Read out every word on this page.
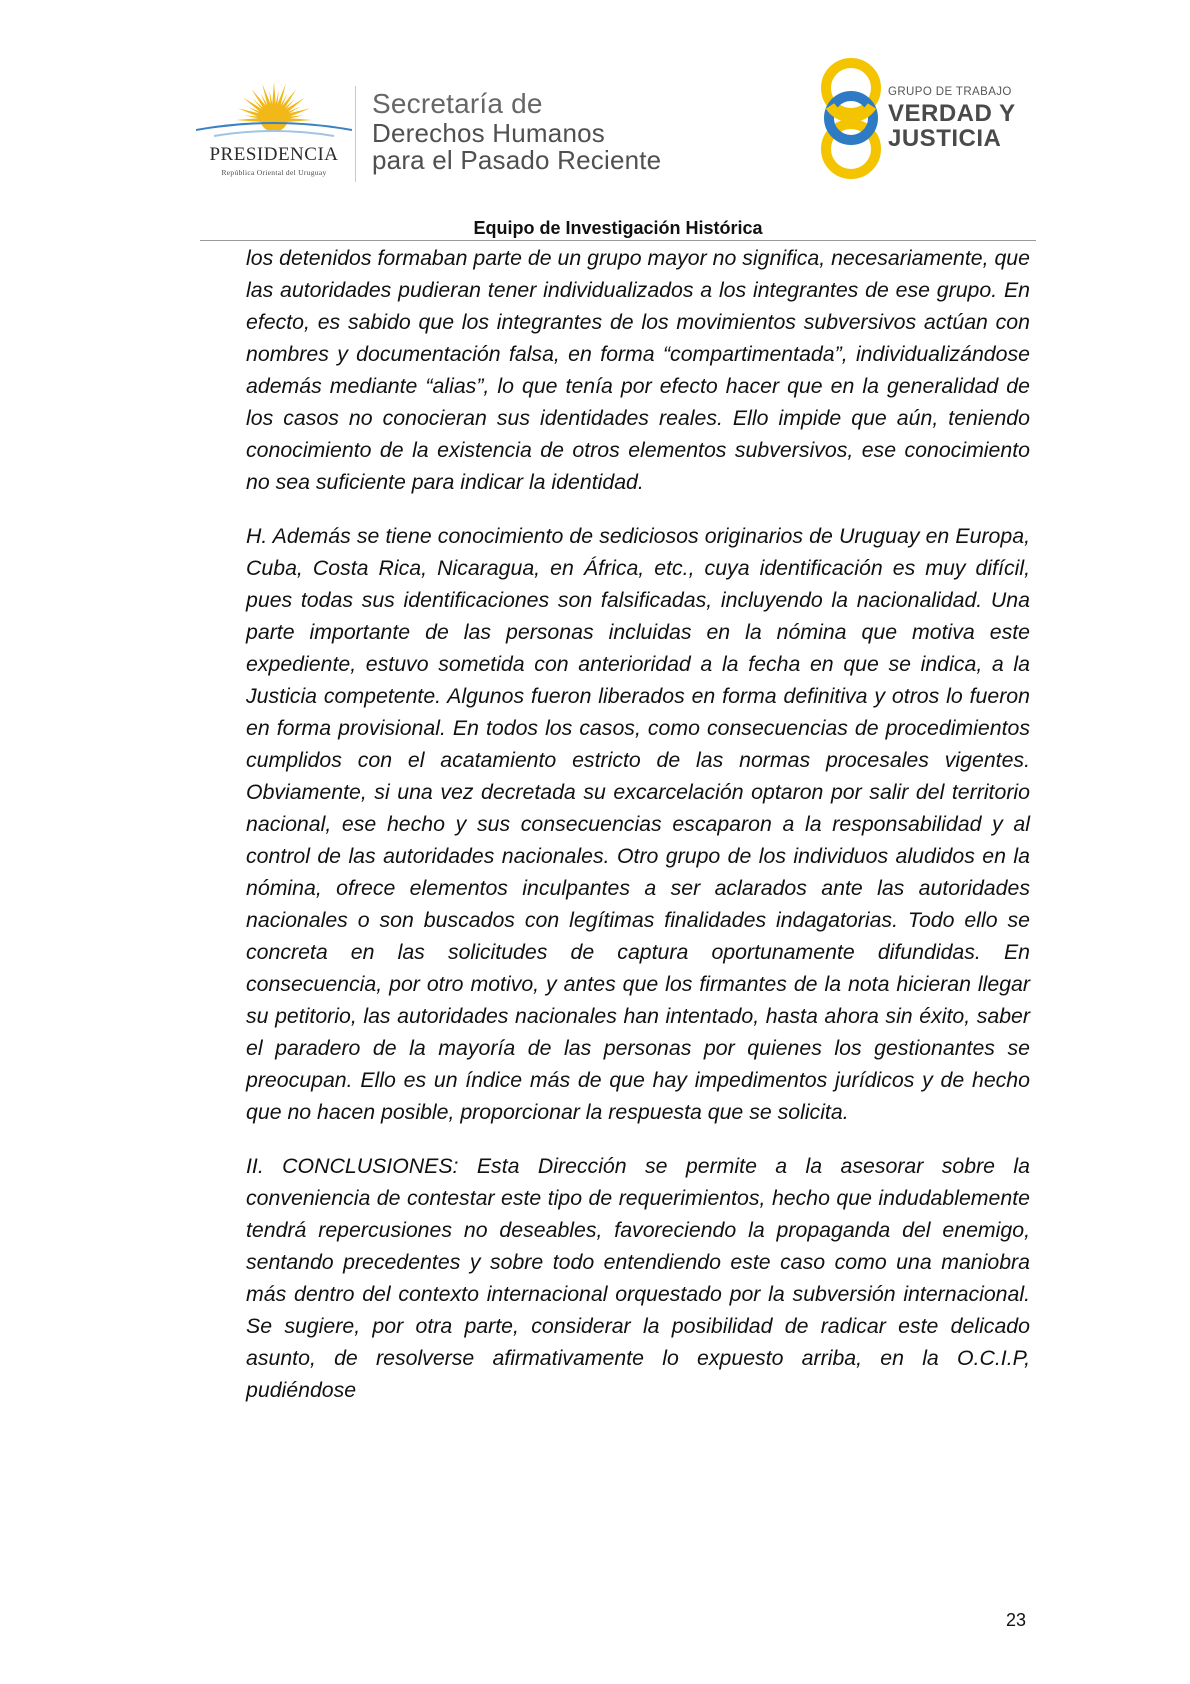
PRESIDENCIA
República Oriental del Uruguay
Secretaría de
Derechos Humanos
para el Pasado Reciente
GRUPO DE TRABAJO
VERDAD Y
JUSTICIA
Equipo de Investigación Histórica

los detenidos formaban parte de un grupo mayor no significa, necesariamente, que las autoridades pudieran tener individualizados a los integrantes de ese grupo. En efecto, es sabido que los integrantes de los movimientos subversivos actúan con nombres y documentación falsa, en forma “compartimentada”, individualizándose además mediante “alias”, lo que tenía por efecto hacer que en la generalidad de los casos no conocieran sus identidades reales. Ello impide que aún, teniendo conocimiento de la existencia de otros elementos subversivos, ese conocimiento no sea suficiente para indicar la identidad.

H. Además se tiene conocimiento de sediciosos originarios de Uruguay en Europa, Cuba, Costa Rica, Nicaragua, en África, etc., cuya identificación es muy difícil, pues todas sus identificaciones son falsificadas, incluyendo la nacionalidad. Una parte importante de las personas incluidas en la nómina que motiva este expediente, estuvo sometida con anterioridad a la fecha en que se indica, a la Justicia competente. Algunos fueron liberados en forma definitiva y otros lo fueron en forma provisional. En todos los casos, como consecuencias de procedimientos cumplidos con el acatamiento estricto de las normas procesales vigentes. Obviamente, si una vez decretada su excarcelación optaron por salir del territorio nacional, ese hecho y sus consecuencias escaparon a la responsabilidad y al control de las autoridades nacionales. Otro grupo de los individuos aludidos en la nómina, ofrece elementos inculpantes a ser aclarados ante las autoridades nacionales o son buscados con legítimas finalidades indagatorias. Todo ello se concreta en las solicitudes de captura oportunamente difundidas. En consecuencia, por otro motivo, y antes que los firmantes de la nota hicieran llegar su petitorio, las autoridades nacionales han intentado, hasta ahora sin éxito, saber el paradero de la mayoría de las personas por quienes los gestionantes se preocupan. Ello es un índice más de que hay impedimentos jurídicos y de hecho que no hacen posible, proporcionar la respuesta que se solicita.

II. CONCLUSIONES: Esta Dirección se permite a la asesorar sobre la conveniencia de contestar este tipo de requerimientos, hecho que indudablemente tendrá repercusiones no deseables, favoreciendo la propaganda del enemigo, sentando precedentes y sobre todo entendiendo este caso como una maniobra más dentro del contexto internacional orquestado por la subversión internacional. Se sugiere, por otra parte, considerar la posibilidad de radicar este delicado asunto, de resolverse afirmativamente lo expuesto arriba, en la O.C.I.P, pudiéndose

23
